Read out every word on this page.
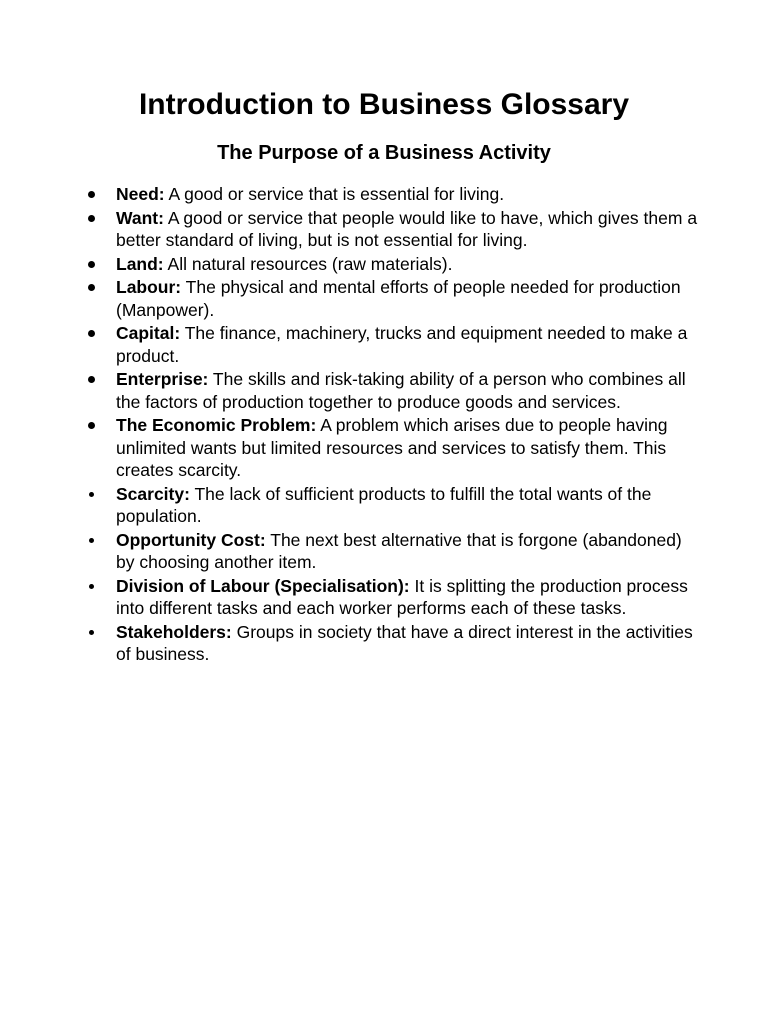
Introduction to Business Glossary
The Purpose of a Business Activity
Need: A good or service that is essential for living.
Want: A good or service that people would like to have, which gives them a better standard of living, but is not essential for living.
Land: All natural resources (raw materials).
Labour: The physical and mental efforts of people needed for production (Manpower).
Capital: The finance, machinery, trucks and equipment needed to make a product.
Enterprise: The skills and risk-taking ability of a person who combines all the factors of production together to produce goods and services.
The Economic Problem: A problem which arises due to people having unlimited wants but limited resources and services to satisfy them. This creates scarcity.
Scarcity: The lack of sufficient products to fulfill the total wants of the population.
Opportunity Cost: The next best alternative that is forgone (abandoned) by choosing another item.
Division of Labour (Specialisation): It is splitting the production process into different tasks and each worker performs each of these tasks.
Stakeholders: Groups in society that have a direct interest in the activities of business.
